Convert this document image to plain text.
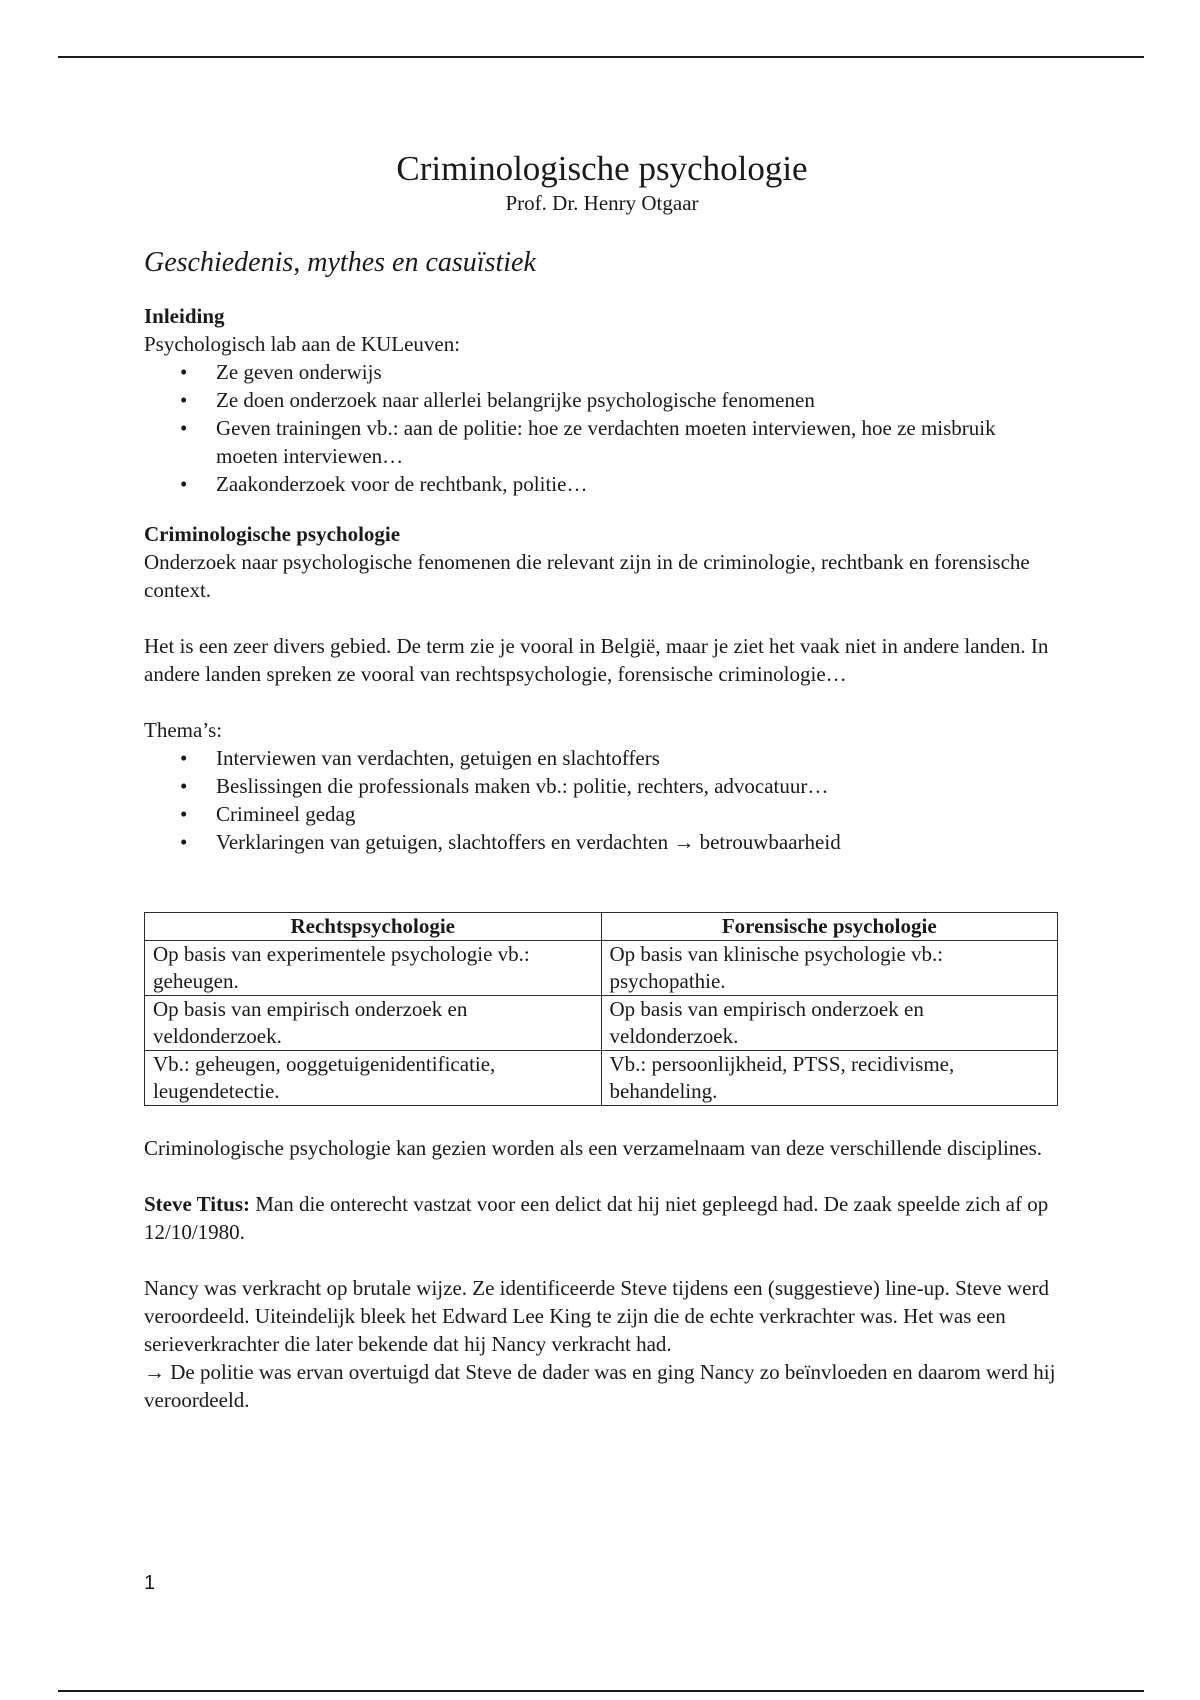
Criminologische psychologie

Prof. Dr. Henry Otgaar

Geschiedenis, mythes en casuïstiek

Inleiding

Psychologisch lab aan de KULeuven:

• Ze geven onderwijs
• Ze doen onderzoek naar allerlei belangrijke psychologische fenomenen
• Geven trainingen vb.: aan de politie: hoe ze verdachten moeten interviewen, hoe ze misbruik moeten interviewen…
• Zaakonderzoek voor de rechtbank, politie…

Criminologische psychologie

Onderzoek naar psychologische fenomenen die relevant zijn in de criminologie, rechtbank en forensische context.

Het is een zeer divers gebied. De term zie je vooral in België, maar je ziet het vaak niet in andere landen. In andere landen spreken ze vooral van rechtspsychologie, forensische criminologie…

Thema’s:

• Interviewen van verdachten, getuigen en slachtoffers
• Beslissingen die professionals maken vb.: politie, rechters, advocatuur…
• Crimineel gedag
• Verklaringen van getuigen, slachtoffers en verdachten → betrouwbaarheid
Rechtspsychologie	Forensische psychologie
Op basis van experimentele psychologie vb.: geheugen.	Op basis van klinische psychologie vb.: psychopathie.
Op basis van empirisch onderzoek en veldonderzoek.	Op basis van empirisch onderzoek en veldonderzoek.
Vb.: geheugen, ooggetuigenidentificatie, leugendetectie.	Vb.: persoonlijkheid, PTSS, recidivisme, behandeling.

Criminologische psychologie kan gezien worden als een verzamelnaam van deze verschillende disciplines.

Steve Titus: Man die onterecht vastzat voor een delict dat hij niet gepleegd had. De zaak speelde zich af op 12/10/1980.

Nancy was verkracht op brutale wijze. Ze identificeerde Steve tijdens een (suggestieve) line-up. Steve werd veroordeeld. Uiteindelijk bleek het Edward Lee King te zijn die de echte verkrachter was. Het was een serieverkrachter die later bekende dat hij Nancy verkracht had.

→ De politie was ervan overtuigd dat Steve de dader was en ging Nancy zo beïnvloeden en daarom werd hij veroordeeld.

1
